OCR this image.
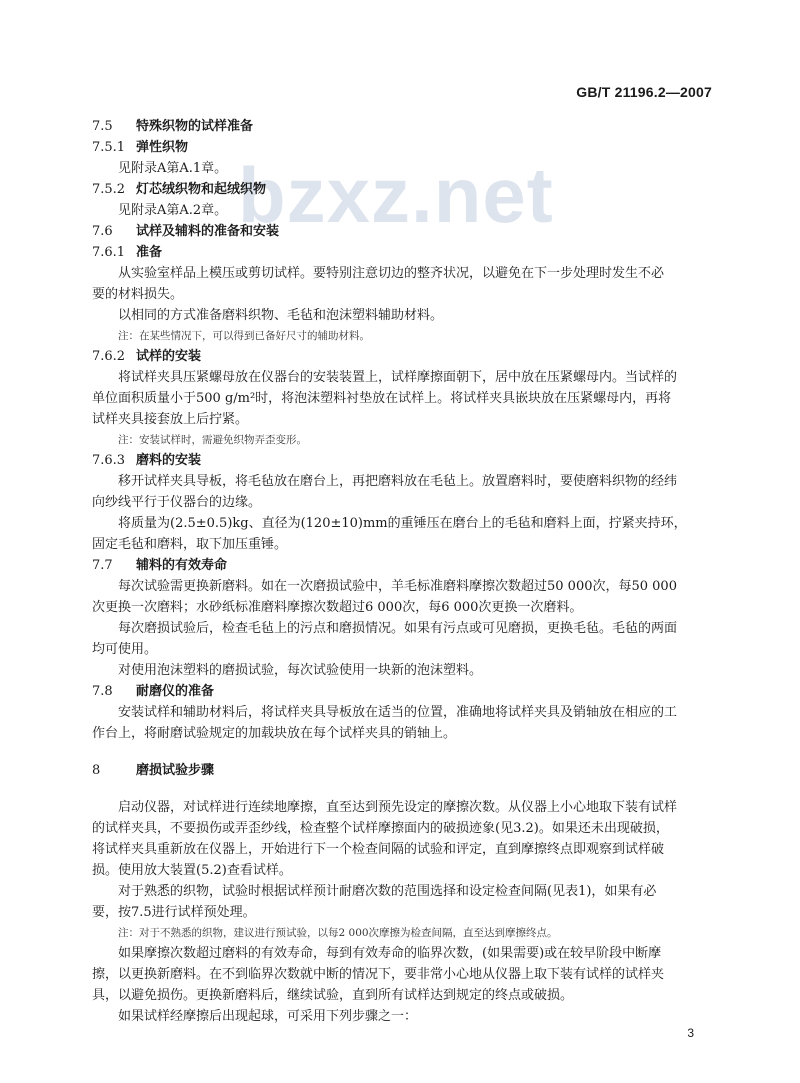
GB/T 21196.2—2007
bzxz.net
7.5 特殊织物的试样准备
7.5.1 弹性织物
见附录A第A.1章。
7.5.2 灯芯绒织物和起绒织物
见附录A第A.2章。
7.6 试样及辅料的准备和安装
7.6.1 准备
从实验室样品上模压或剪切试样。要特别注意切边的整齐状况，以避免在下一步处理时发生不必
要的材料损失。
以相同的方式准备磨料织物、毛毡和泡沫塑料辅助材料。
注：在某些情况下，可以得到已备好尺寸的辅助材料。
7.6.2 试样的安装
将试样夹具压紧螺母放在仪器台的安装装置上，试样摩擦面朝下，居中放在压紧螺母内。当试样的
单位面积质量小于500 g/m²时，将泡沫塑料衬垫放在试样上。将试样夹具嵌块放在压紧螺母内，再将
试样夹具接套放上后拧紧。
注：安装试样时，需避免织物弄歪变形。
7.6.3 磨料的安装
移开试样夹具导板，将毛毡放在磨台上，再把磨料放在毛毡上。放置磨料时，要使磨料织物的经纬
向纱线平行于仪器台的边缘。
将质量为(2.5±0.5)kg、直径为(120±10)mm的重锤压在磨台上的毛毡和磨料上面，拧紧夹持环，
固定毛毡和磨料，取下加压重锤。
7.7 辅料的有效寿命
每次试验需更换新磨料。如在一次磨损试验中，羊毛标准磨料摩擦次数超过50 000次，每50 000
次更换一次磨料；水砂纸标准磨料摩擦次数超过6 000次，每6 000次更换一次磨料。
每次磨损试验后，检查毛毡上的污点和磨损情况。如果有污点或可见磨损，更换毛毡。毛毡的两面
均可使用。
对使用泡沫塑料的磨损试验，每次试验使用一块新的泡沫塑料。
7.8 耐磨仪的准备
安装试样和辅助材料后，将试样夹具导板放在适当的位置，准确地将试样夹具及销轴放在相应的工
作台上，将耐磨试验规定的加载块放在每个试样夹具的销轴上。
8	磨损试验步骤
启动仪器，对试样进行连续地摩擦，直至达到预先设定的摩擦次数。从仪器上小心地取下装有试样
的试样夹具，不要损伤或弄歪纱线，检查整个试样摩擦面内的破损迹象(见3.2)。如果还未出现破损，
将试样夹具重新放在仪器上，开始进行下一个检查间隔的试验和评定，直到摩擦终点即观察到试样破
损。使用放大装置(5.2)查看试样。
对于熟悉的织物，试验时根据试样预计耐磨次数的范围选择和设定检查间隔(见表1)，如果有必
要，按7.5进行试样预处理。
注：对于不熟悉的织物，建议进行预试验，以每2 000次摩擦为检查间隔，直至达到摩擦终点。
如果摩擦次数超过磨料的有效寿命，每到有效寿命的临界次数，(如果需要)或在较早阶段中断摩
擦，以更换新磨料。在不到临界次数就中断的情况下，要非常小心地从仪器上取下装有试样的试样夹
具，以避免损伤。更换新磨料后，继续试验，直到所有试样达到规定的终点或破损。
如果试样经摩擦后出现起球，可采用下列步骤之一：
3
